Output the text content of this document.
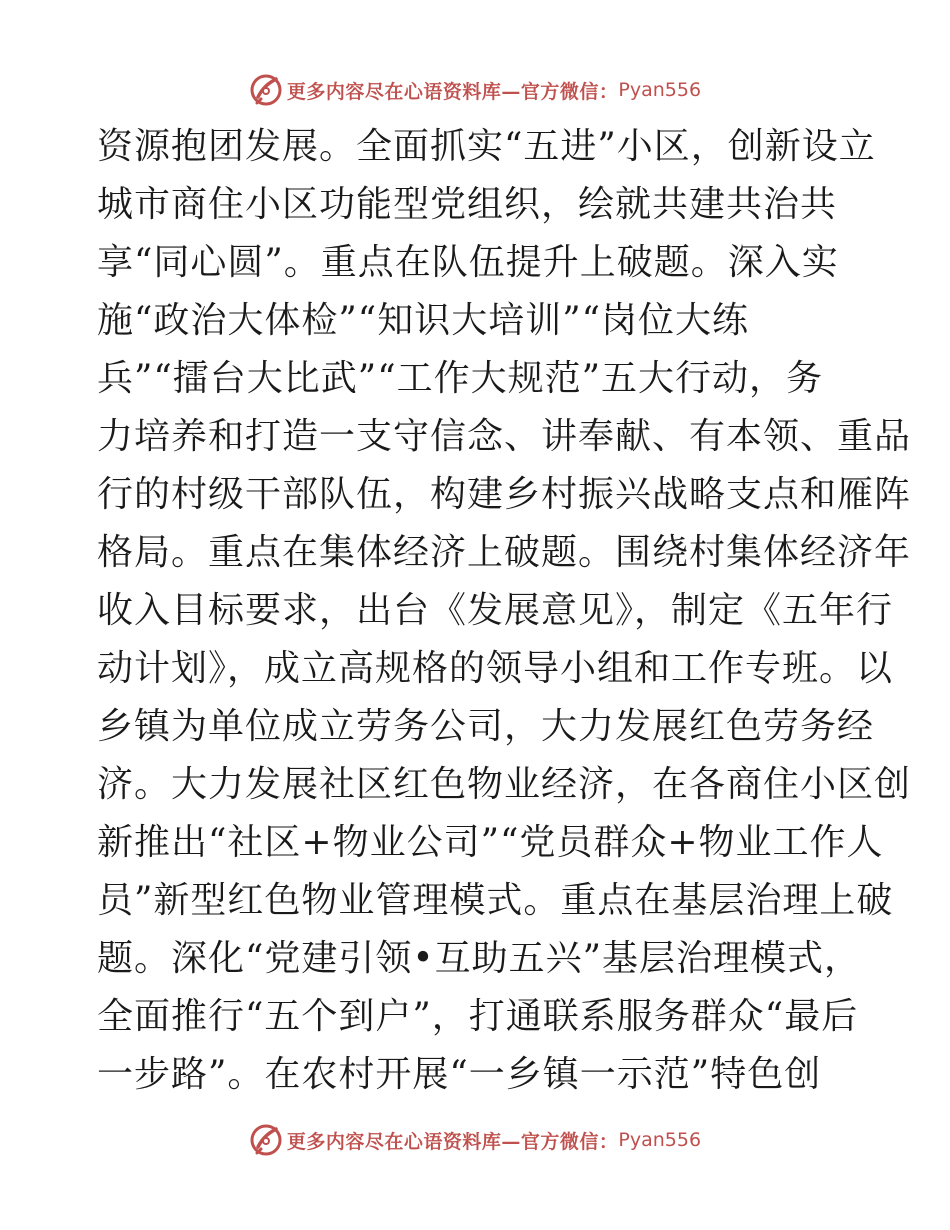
更多内容尽在心语资料库—官方微信： Pyan556
资源抱团发展。全面抓实“五进”小区，创新设立
城市商住小区功能型党组织，绘就共建共治共
享“同心圆”。重点在队伍提升上破题。深入实
施“政治大体检”“知识大培训”“岗位大练
兵”“擂台大比武”“工作大规范”五大行动，务
力培养和打造一支守信念、讲奉献、有本领、重品
行的村级干部队伍，构建乡村振兴战略支点和雁阵
格局。重点在集体经济上破题。围绕村集体经济年
收入目标要求，出台《发展意见》，制定《五年行
动计划》，成立高规格的领导小组和工作专班。以
乡镇为单位成立劳务公司，大力发展红色劳务经
济。大力发展社区红色物业经济，在各商住小区创
新推出“社区+物业公司”“党员群众+物业工作人
员”新型红色物业管理模式。重点在基层治理上破
题。深化“党建引领•互助五兴”基层治理模式，
全面推行“五个到户”，打通联系服务群众“最后
一步路”。在农村开展“一乡镇一示范”特色创
更多内容尽在心语资料库—官方微信： Pyan556
